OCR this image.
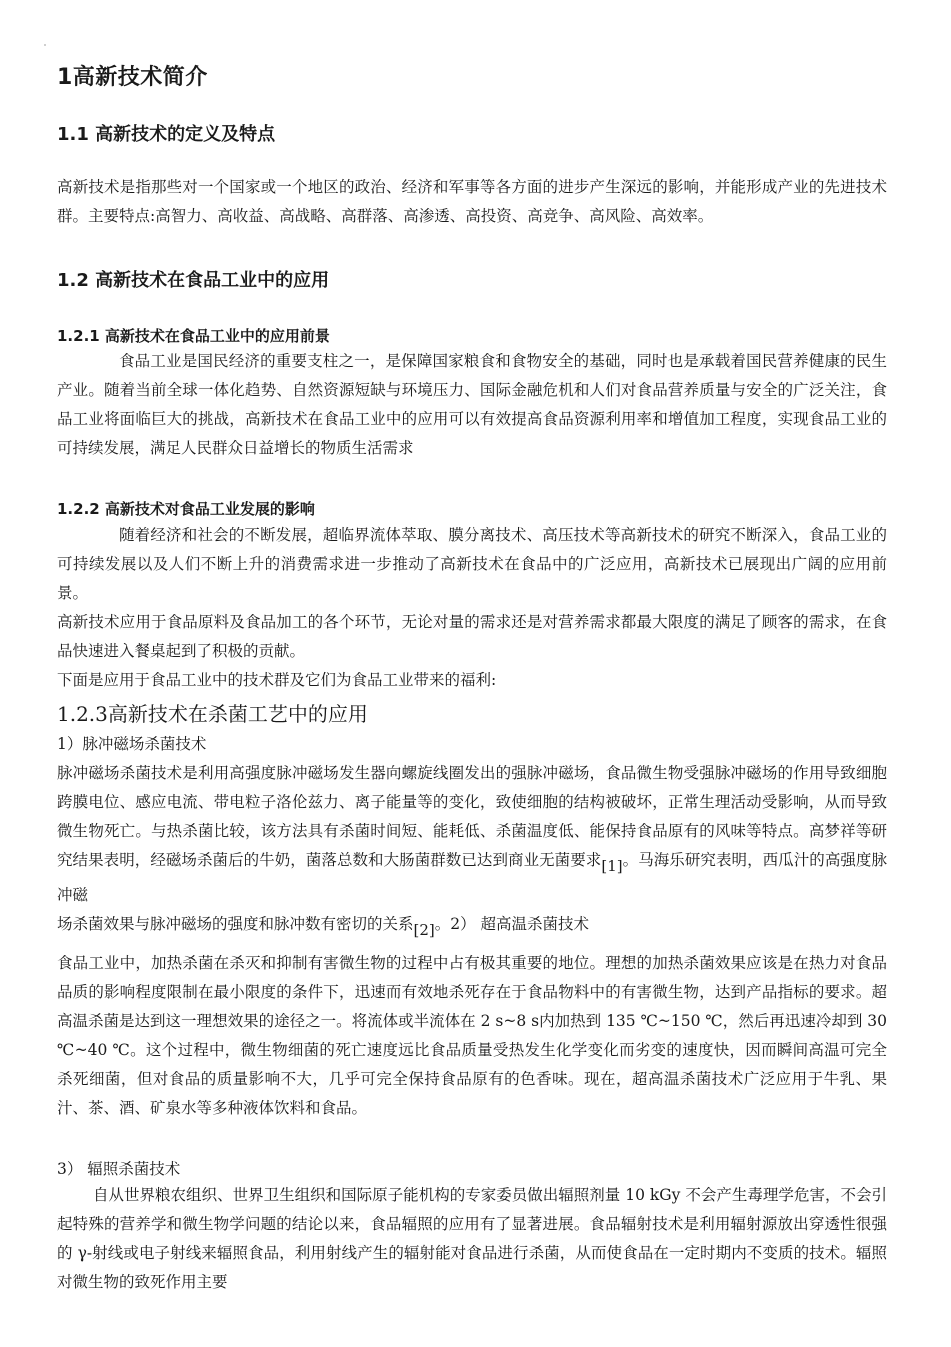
1高新技术简介
1.1 高新技术的定义及特点
高新技术是指那些对一个国家或一个地区的政治、经济和军事等各方面的进步产生深远的影响，并能形成产业的先进技术群。主要特点:高智力、高收益、高战略、高群落、高渗透、高投资、高竞争、高风险、高效率。
1.2 高新技术在食品工业中的应用
1.2.1 高新技术在食品工业中的应用前景
食品工业是国民经济的重要支柱之一，是保障国家粮食和食物安全的基础，同时也是承载着国民营养健康的民生产业。随着当前全球一体化趋势、自然资源短缺与环境压力、国际金融危机和人们对食品营养质量与安全的广泛关注，食品工业将面临巨大的挑战，高新技术在食品工业中的应用可以有效提高食品资源利用率和增值加工程度，实现食品工业的可持续发展，满足人民群众日益增长的物质生活需求
1.2.2 高新技术对食品工业发展的影响
随着经济和社会的不断发展，超临界流体萃取、膜分离技术、高压技术等高新技术的研究不断深入，食品工业的可持续发展以及人们不断上升的消费需求进一步推动了高新技术在食品中的广泛应用，高新技术已展现出广阔的应用前景。
高新技术应用于食品原料及食品加工的各个环节，无论对量的需求还是对营养需求都最大限度的满足了顾客的需求，在食品快速进入餐桌起到了积极的贡献。
下面是应用于食品工业中的技术群及它们为食品工业带来的福利:
1.2.3高新技术在杀菌工艺中的应用
1）脉冲磁场杀菌技术
脉冲磁场杀菌技术是利用高强度脉冲磁场发生器向螺旋线圈发出的强脉冲磁场，食品微生物受强脉冲磁场的作用导致细胞跨膜电位、感应电流、带电粒子洛伦兹力、离子能量等的变化，致使细胞的结构被破坏，正常生理活动受影响，从而导致微生物死亡。与热杀菌比较，该方法具有杀菌时间短、能耗低、杀菌温度低、能保持食品原有的风味等特点。高梦祥等研究结果表明，经磁场杀菌后的牛奶，菌落总数和大肠菌群数已达到商业无菌要求[1]。马海乐研究表明，西瓜汁的高强度脉冲磁
场杀菌效果与脉冲磁场的强度和脉冲数有密切的关系[2]。2） 超高温杀菌技术
食品工业中，加热杀菌在杀灭和抑制有害微生物的过程中占有极其重要的地位。理想的加热杀菌效果应该是在热力对食品品质的影响程度限制在最小限度的条件下，迅速而有效地杀死存在于食品物料中的有害微生物，达到产品指标的要求。超高温杀菌是达到这一理想效果的途径之一。将流体或半流体在 2 s~8 s内加热到 135 ℃~150 ℃，然后再迅速冷却到 30 ℃~40 ℃。这个过程中，微生物细菌的死亡速度远比食品质量受热发生化学变化而劣变的速度快，因而瞬间高温可完全杀死细菌，但对食品的质量影响不大，几乎可完全保持食品原有的色香味。现在，超高温杀菌技术广泛应用于牛乳、果汁、茶、酒、矿泉水等多种液体饮料和食品。
3） 辐照杀菌技术
自从世界粮农组织、世界卫生组织和国际原子能机构的专家委员做出辐照剂量 10 kGy 不会产生毒理学危害，不会引起特殊的营养学和微生物学问题的结论以来，食品辐照的应用有了显著进展。食品辐射技术是利用辐射源放出穿透性很强的 γ-射线或电子射线来辐照食品，利用射线产生的辐射能对食品进行杀菌，从而使食品在一定时期内不变质的技术。辐照对微生物的致死作用主要
